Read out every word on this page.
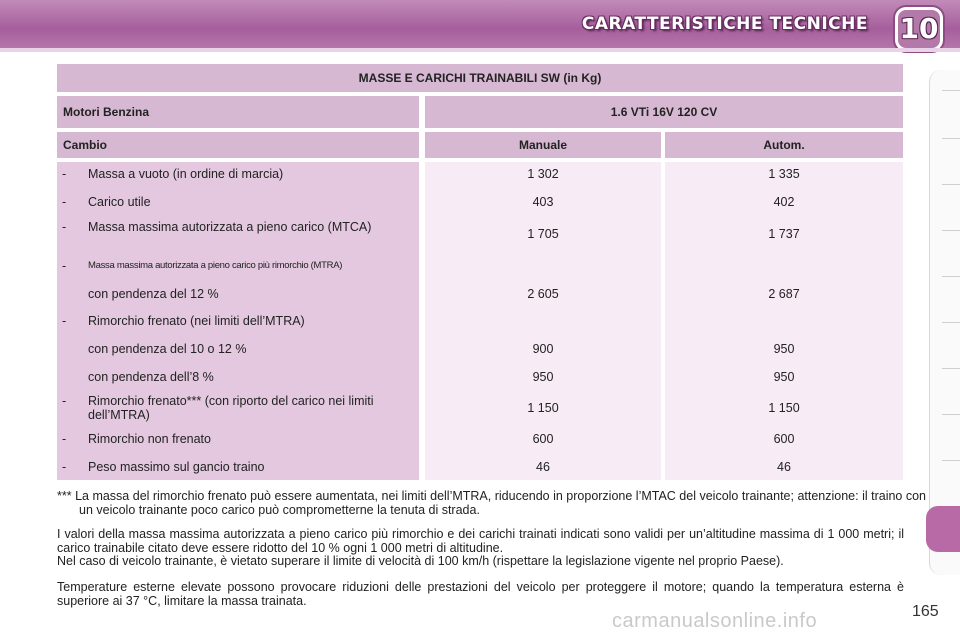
CARATTERISTICHE TECNICHE 10
MASSE E CARICHI TRAINABILI SW (in Kg)
Motori Benzina	1.6 VTi 16V 120 CV
Cambio	Manuale	Autom.
- Massa a vuoto (in ordine di marcia)	1 302	1 335
- Carico utile	403	402
- Massa massima autorizzata a pieno carico (MTCA)	1 705	1 737
- Massa massima autorizzata a pieno carico più rimorchio (MTRA)
con pendenza del 12 %	2 605	2 687
- Rimorchio frenato (nei limiti dell’MTRA)
con pendenza del 10 o 12 %	900	950
con pendenza dell’8 %	950	950
- Rimorchio frenato*** (con riporto del carico nei limiti dell’MTRA)	1 150	1 150
- Rimorchio non frenato	600	600
- Peso massimo sul gancio traino	46	46
*** La massa del rimorchio frenato può essere aumentata, nei limiti dell’MTRA, riducendo in proporzione l’MTAC del veicolo trainante; attenzione: il traino con un veicolo trainante poco carico può comprometterne la tenuta di strada.
I valori della massa massima autorizzata a pieno carico più rimorchio e dei carichi trainati indicati sono validi per un’altitudine massima di 1 000 metri; il carico trainabile citato deve essere ridotto del 10 % ogni 1 000 metri di altitudine.
Nel caso di veicolo trainante, è vietato superare il limite di velocità di 100 km/h (rispettare la legislazione vigente nel proprio Paese).
Temperature esterne elevate possono provocare riduzioni delle prestazioni del veicolo per proteggere il motore; quando la temperatura esterna è superiore ai 37 °C, limitare la massa trainata.
carmanualsonline.info	165
